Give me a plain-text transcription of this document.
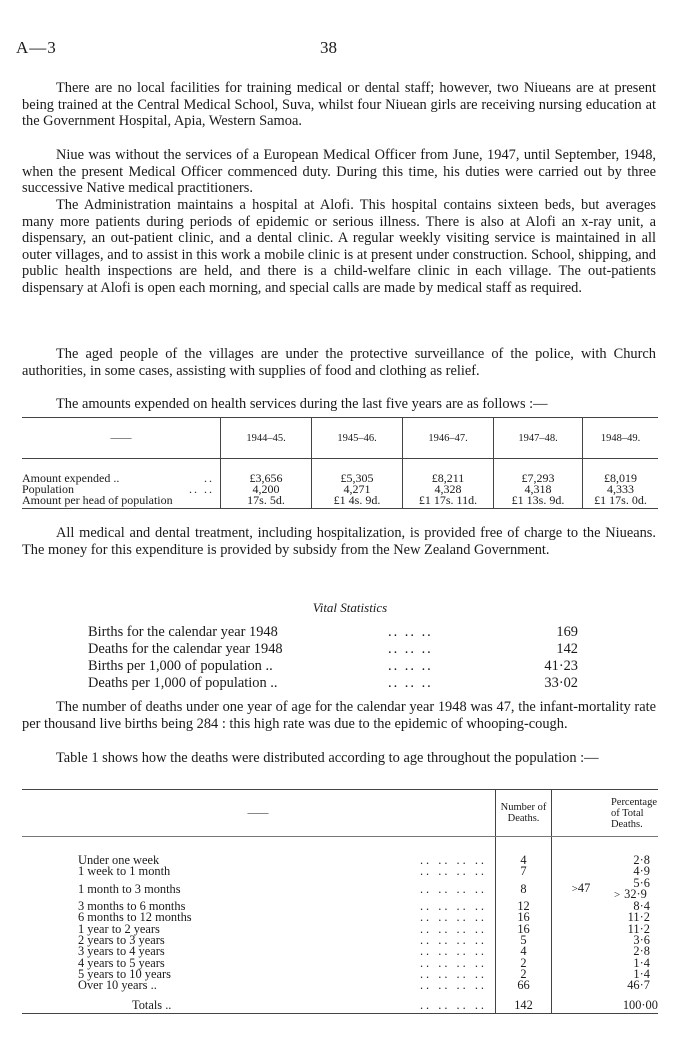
A—3	38

There are no local facilities for training medical or dental staff; however, two Niueans are at present being trained at the Central Medical School, Suva, whilst four Niuean girls are receiving nursing education at the Government Hospital, Apia, Western Samoa.

Niue was without the services of a European Medical Officer from June, 1947, until September, 1948, when the present Medical Officer commenced duty. During this time, his duties were carried out by three successive Native medical practitioners.

The Administration maintains a hospital at Alofi. This hospital contains sixteen beds, but averages many more patients during periods of epidemic or serious illness. There is also at Alofi an x-ray unit, a dispensary, an out-patient clinic, and a dental clinic. A regular weekly visiting service is maintained in all outer villages, and to assist in this work a mobile clinic is at present under construction. School, shipping, and public health inspections are held, and there is a child-welfare clinic in each village. The out-patients dispensary at Alofi is open each morning, and special calls are made by medical staff as required.

The aged people of the villages are under the protective surveillance of the police, with Church authorities, in some cases, assisting with supplies of food and clothing as relief.

The amounts expended on health services during the last five years are as follows :—

——	1944–45.	1945–46.	1946–47.	1947–48.	1948–49.
Amount expended .. ..	£3,656	£5,305	£8,211	£7,293	£8,019
Population .. ..	4,200	4,271	4,328	4,318	4,333
Amount per head of population	17s. 5d.	£1 4s. 9d.	£1 17s. 11d.	£1 13s. 9d.	£1 17s. 0d.

All medical and dental treatment, including hospitalization, is provided free of charge to the Niueans. The money for this expenditure is provided by subsidy from the New Zealand Government.

Vital Statistics
Births for the calendar year 1948	.. .. ..	169
Deaths for the calendar year 1948	.. .. ..	142
Births per 1,000 of population ..	.. .. ..	41·23
Deaths per 1,000 of population ..	.. .. ..	33·02

The number of deaths under one year of age for the calendar year 1948 was 47, the infant-mortality rate per thousand live births being 284 : this high rate was due to the epidemic of whooping-cough.

Table 1 shows how the deaths were distributed according to age throughout the population :—

——	Number of Deaths.		Percentage of Total Deaths.
Under one week .. .. .. ..	4		2·8
1 week to 1 month .. .. .. ..	7		4·9
1 month to 3 months .. .. .. ..	8	>47	5·6> 32·9
3 months to 6 months .. .. .. ..	12		8·4
6 months to 12 months .. .. .. ..	16		11·2
1 year to 2 years .. .. .. ..	16		11·2
2 years to 3 years .. .. .. ..	5		3·6
3 years to 4 years .. .. .. ..	4		2·8
4 years to 5 years .. .. .. ..	2		1·4
5 years to 10 years .. .. .. ..	2		1·4
Over 10 years .. .. .. .. ..	66		46·7
Totals .. .. .. .. ..	142		100·00
